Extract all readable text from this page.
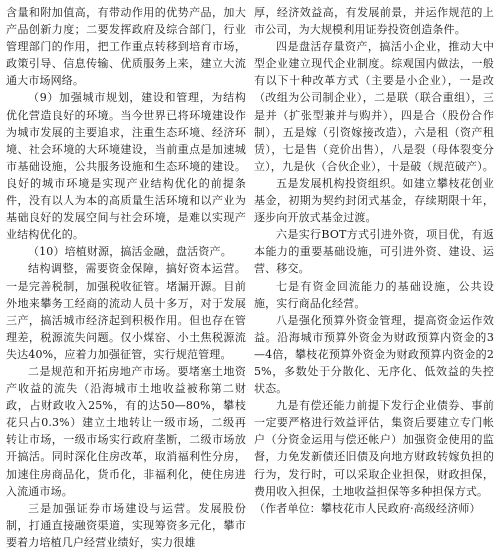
含量和附加值高，有带动作用的优势产品，加大产品创新力度；二要发挥政府及综合部门，行业管理部门的作用，把工作重点转移到培育市场，政策引导、信息传输、优质服务上来，建立大流通大市场网络。

（9）加强城市规划，建设和管理，为结构优化营造良好的环境。当今世界已将环境建设作为城市发展的主要追求，注重生态环境、经济环境、社会环境的大环境建设，当前重点是加速城市基础设施，公共服务设施和生态环境的建设。良好的城市环境是实现产业结构优化的前提条件，没有以人为本的高质量生活环境和以产业为基础良好的发展空间与社会环境，是难以实现产业结构优化的。

（10）培植财源，搞活金融，盘活资产。

结构调整，需要资金保障，搞好资本运营。一是完善税制，加强税收征管。堵漏开源。目前外地来攀务工经商的流动人员十多万，对于发展三产，搞活城市经济起到积极作用。但也存在管理差，税源流失问题。仅小煤窑、小土焦税源流失达40%，应着力加强征管，实行规范管理。

二是规范和开拓房地产市场。要堵塞土地资产收益的流失（沿海城市土地收益被称第二财政，占财政收入25%，有的达50—80%，攀枝花只占0.3%）建立土地转让一级市场，二级再转让市场，一级市场实行政府垄断，二级市场放开搞活。同时深化住房改革，取消福利性分房，加速住房商品化，货币化，非福利化，使住房进入流通市场。

三是加强证券市场建设与运营。发展股份制，打通直接融资渠道，实现筹资多元化，攀市要着力培植几户经营业绩好，实力很雄

厚，经济效益高，有发展前景，并运作规范的上市公司，为大规模利用证券投资创造条件。

四是盘活存量资产，搞活小企业，推动大中型企业建立现代企业制度。综观国内做法，一般有以下十种改革方式（主要是小企业），一是改（改组为公司制企业），二是联（联合重组），三是并（扩张型兼并与购并），四是合（股份合作制），五是嫁（引资嫁接改造），六是租（资产租赁），七是售（竞价出售），八是裂（母体裂变分立），九是伙（合伙企业），十是破（规范破产）。

五是发展机构投资组织。如建立攀枝花创业基金，初期为契约封闭式基金，存续期限十年，逐步向开放式基金过渡。

六是实行BOT方式引进外资，项目优，有返本能力的重要基础设施，可引进外资、建设、运营、移交。

七是有资金回流能力的基础设施，公共设施，实行商品化经营。

八是强化预算外资金管理，提高资金运作效益。沿海城市预算外资金为财政预算内资金的3—4倍，攀枝花预算外资金为财政预算内资金的25%，多数处于分散化、无序化、低效益的失控状态。

九是有偿还能力前提下发行企业债券、事前一定要严格进行效益评估，集资后要建立专门帐户（分资金运用与偿还帐户）加强资金使用的监督，力免发新债还旧债及向地方财政转嫁负担的行为，发行时，可以采取企业担保，财政担保，费用收入担保，土地收益担保等多种担保方式。

（作者单位：攀枝花市人民政府·高级经济师）
